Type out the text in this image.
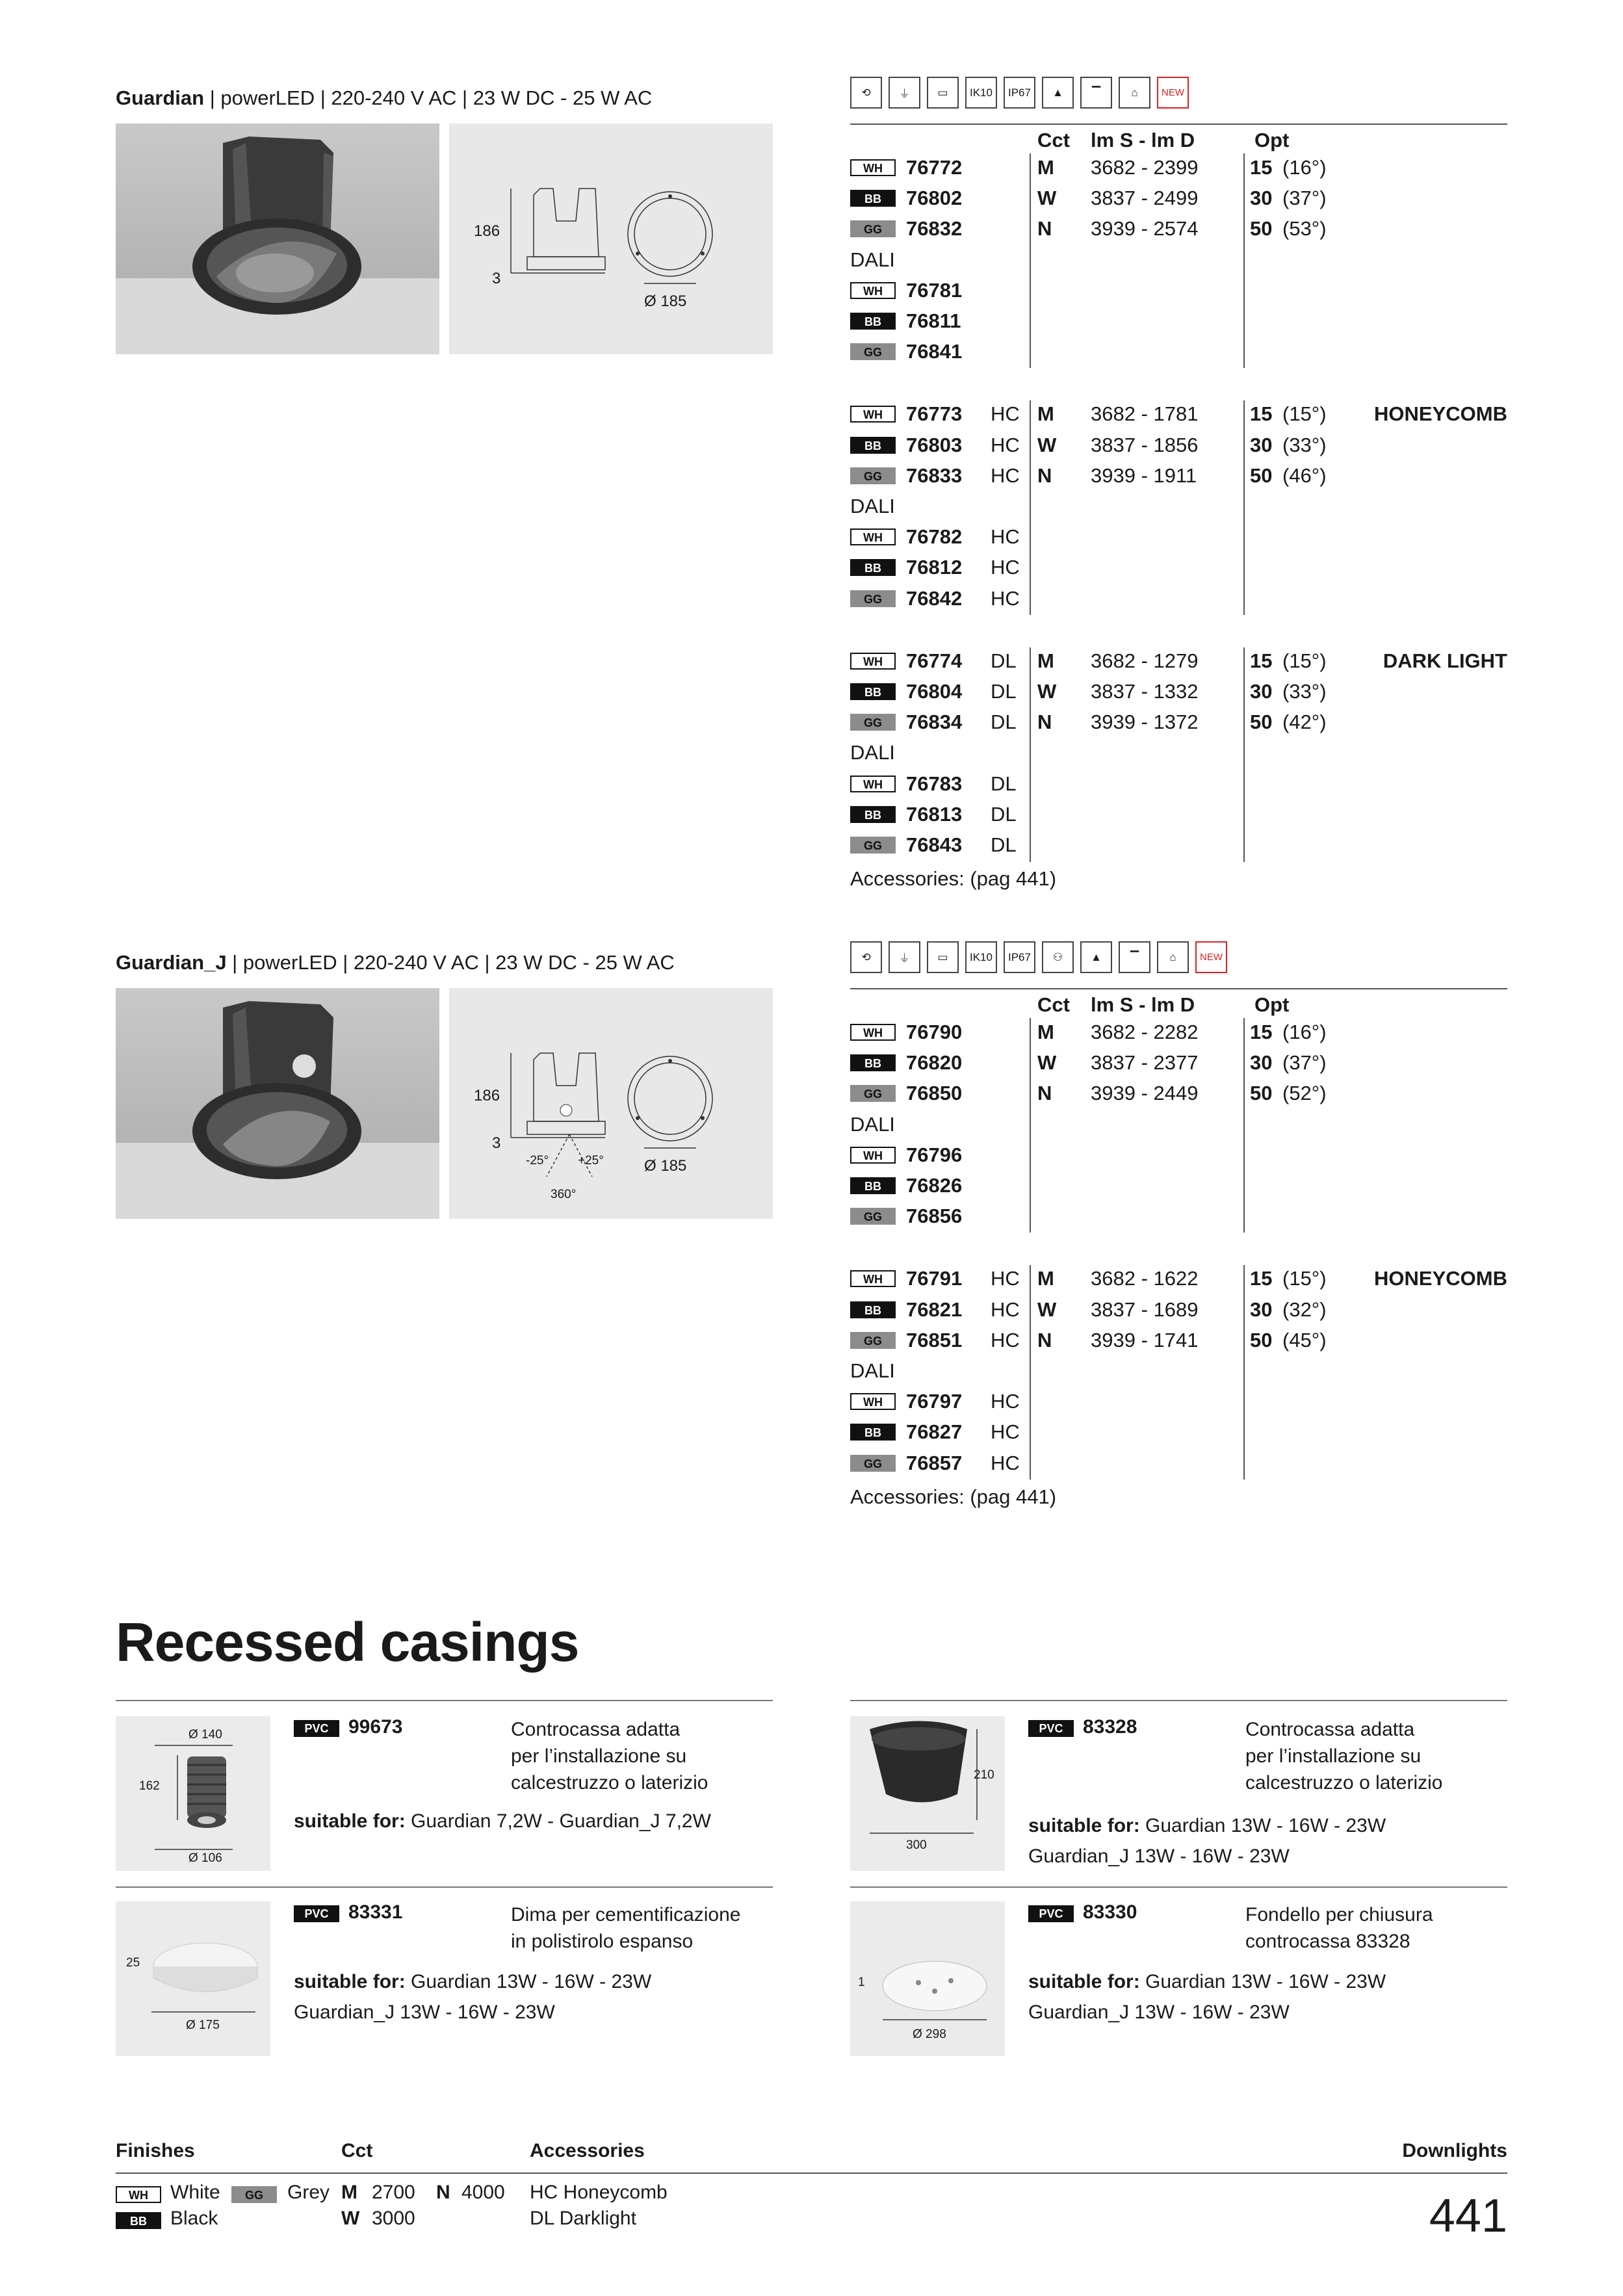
Guardian | powerLED | 220-240 V AC | 23 W DC - 25 W AC
186
3
Ø 185
⟲	⏚	▭	IK10	IP67	▲	▔	⌂	NEW
Cct lm S - lm D	Opt
WH	76772	M 3682 - 2399	15 (16°)
BB	76802	W 3837 - 2499	30 (37°)
GG	76832	N 3939 - 2574	50 (53°)
DALI
WH	76781
BB	76811
GG	76841
WH	76773 HC M 3682 - 1781	15 (15°) HONEYCOMB
BB	76803 HC W 3837 - 1856	30 (33°)
GG	76833 HC N 3939 - 1911	50 (46°)
DALI
WH	76782 HC
BB	76812 HC
GG	76842 HC
WH	76774 DL M 3682 - 1279	15 (15°)	DARK LIGHT
BB	76804 DL W 3837 - 1332	30 (33°)
GG	76834 DL N 3939 - 1372	50 (42°)
DALI
WH	76783 DL
BB	76813 DL
GG	76843 DL
Accessories: (pag 441)
Guardian_J | powerLED | 220-240 V AC | 23 W DC - 25 W AC
186
3
-25° +25°
360°
Ø 185
⟲	⏚	▭	IK10	IP67	⚇	▲	▔	⌂	NEW
Cct lm S - lm D	Opt
WH	76790	M 3682 - 2282	15 (16°)
BB	76820	W 3837 - 2377	30 (37°)
GG	76850	N 3939 - 2449	50 (52°)
DALI
WH	76796
BB	76826
GG	76856
WH	76791 HC M 3682 - 1622	15 (15°) HONEYCOMB
BB	76821 HC W 3837 - 1689	30 (32°)
GG	76851 HC N 3939 - 1741	50 (45°)
DALI
WH	76797 HC
BB	76827 HC
GG	76857 HC
Accessories: (pag 441)
Recessed casings
Ø 140
162
Ø 106
PVC	99673	Controcassa adatta
per l’installazione su
calcestruzzo o laterizio
suitable for: Guardian 7,2W - Guardian_J 7,2W
210
300
PVC	83328	Controcassa adatta
per l’installazione su
calcestruzzo o laterizio
suitable for: Guardian 13W - 16W - 23W
Guardian_J 13W - 16W - 23W
25
Ø 175
PVC	83331	Dima per cementificazione
in polistirolo espanso
suitable for: Guardian 13W - 16W - 23W
Guardian_J 13W - 16W - 23W
1
Ø 298
PVC	83330	Fondello per chiusura
controcassa 83328
suitable for: Guardian 13W - 16W - 23W
Guardian_J 13W - 16W - 23W
Finishes	Cct	Accessories	Downlights
WH	White	GG	Grey
BB	Black
M 2700 N 4000
W 3000
HC Honeycomb
DL Darklight	441
